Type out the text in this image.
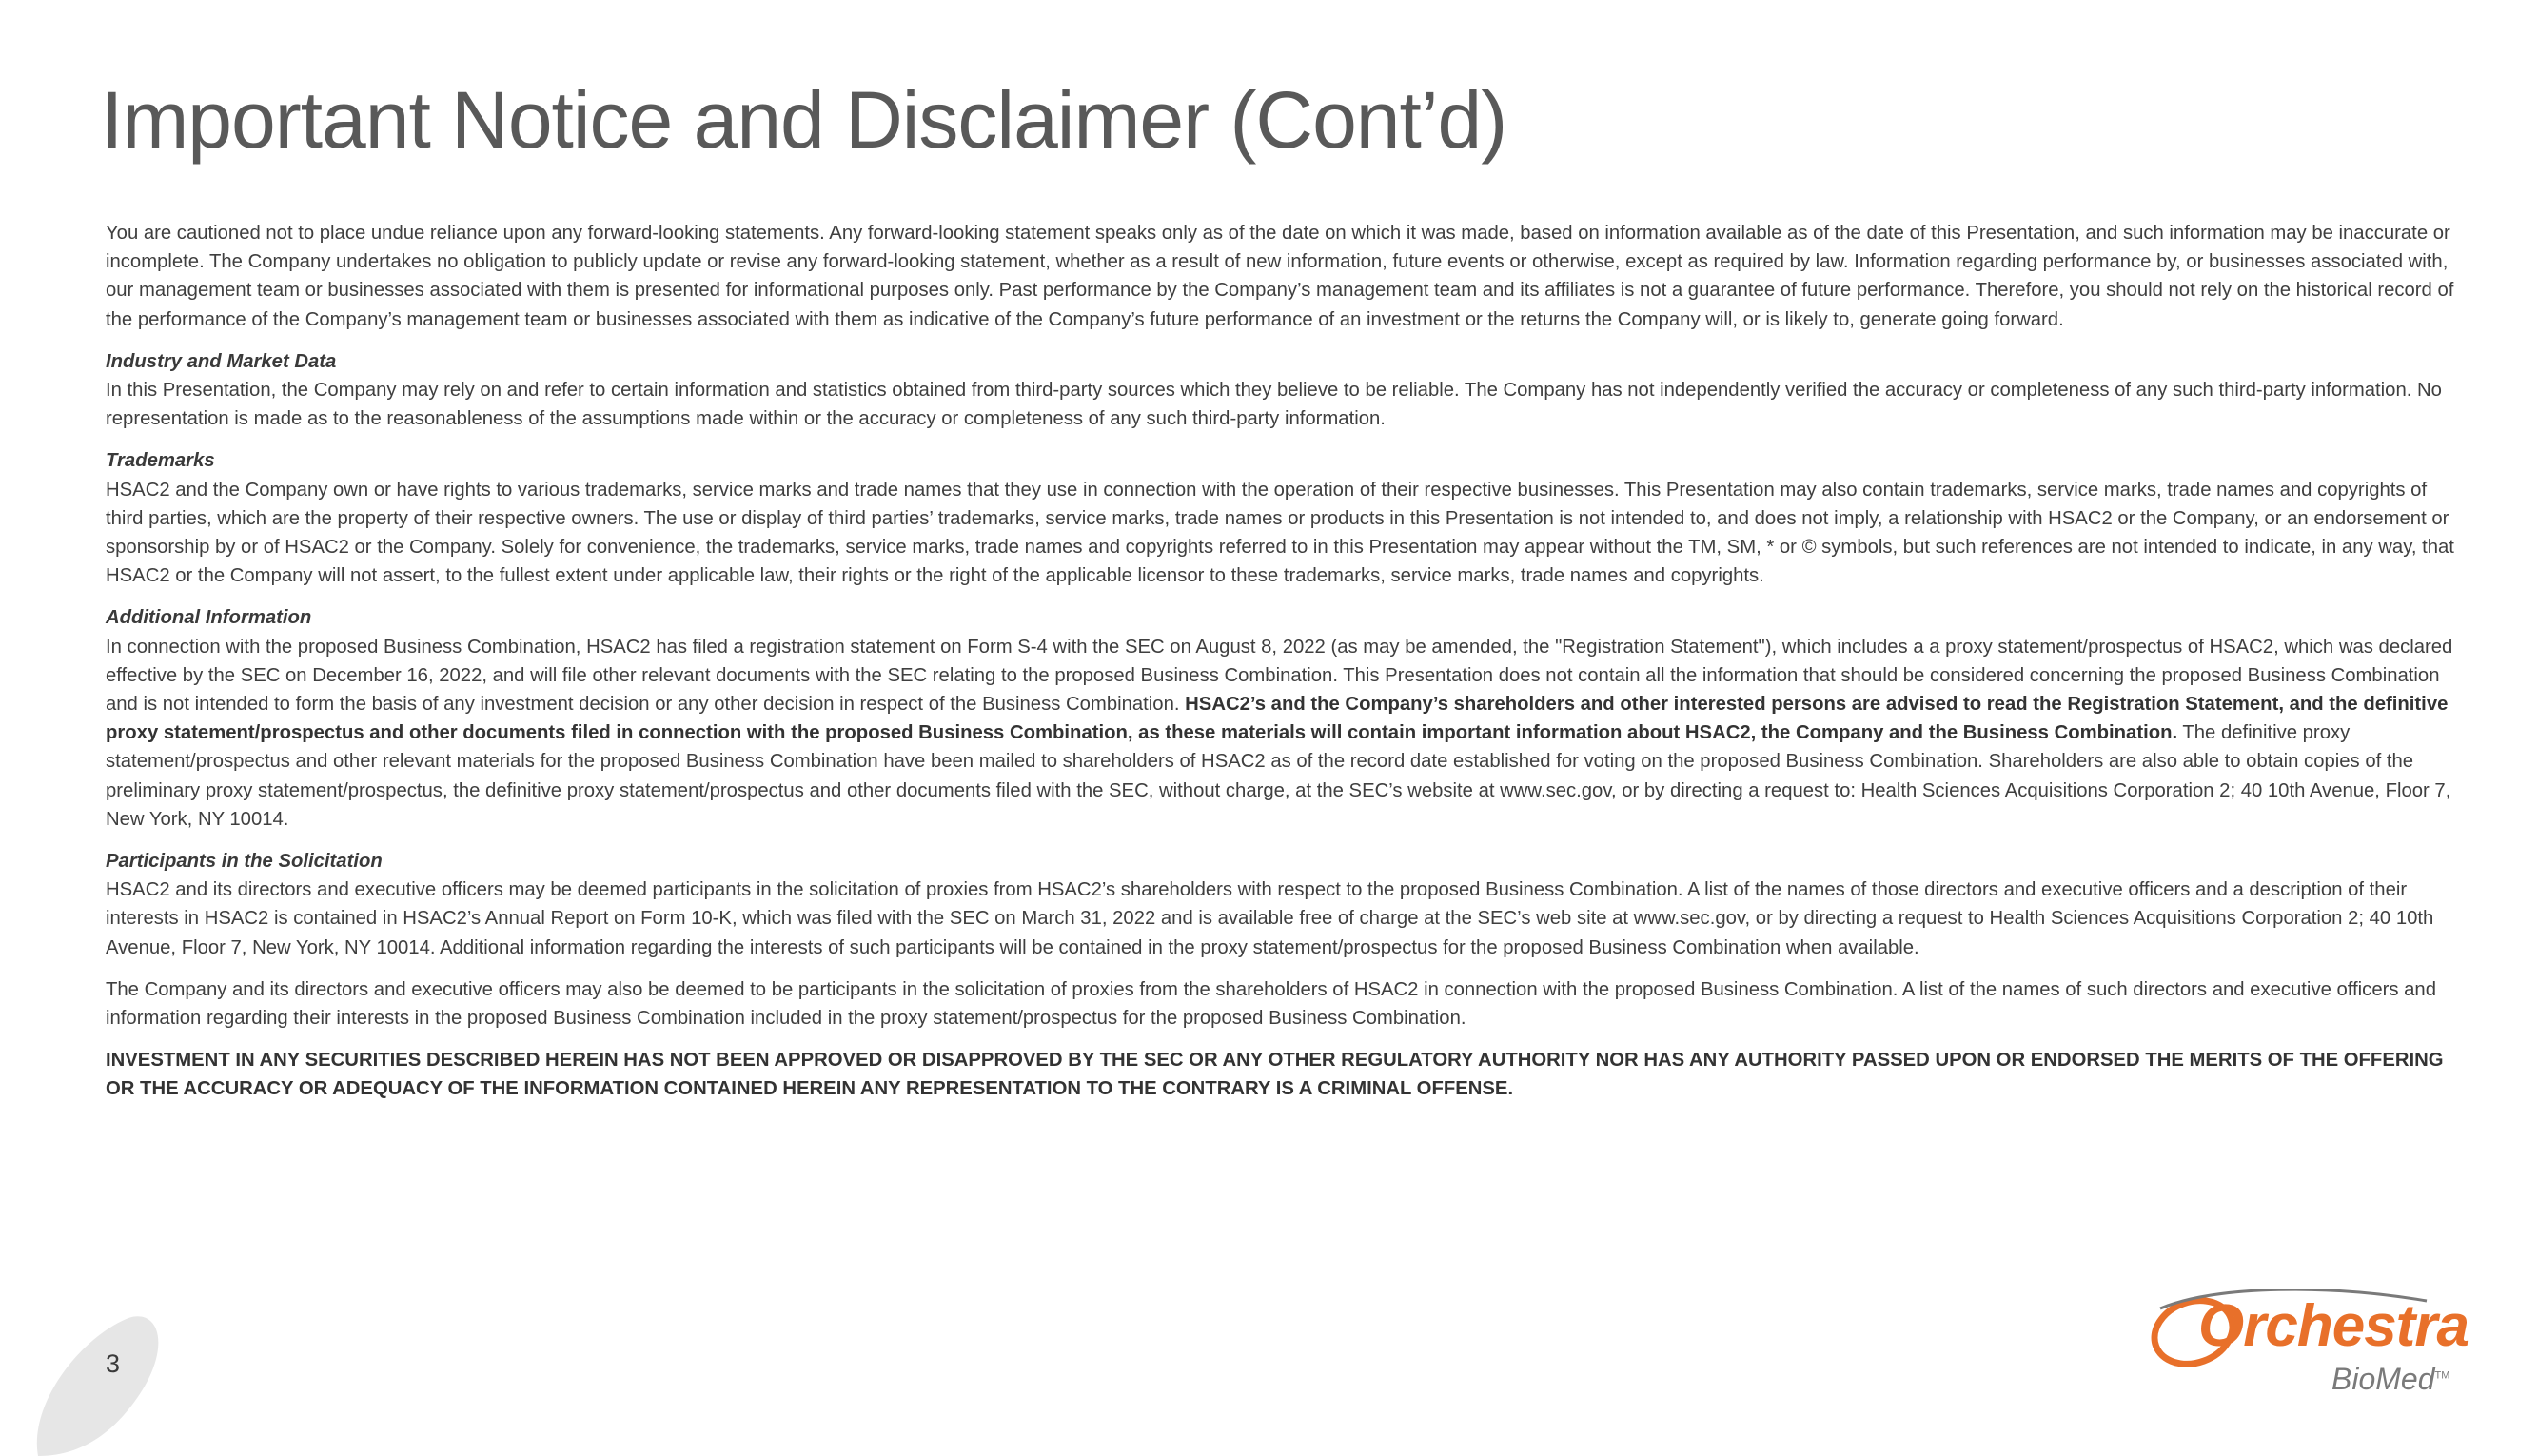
Important Notice and Disclaimer (Cont’d)

You are cautioned not to place undue reliance upon any forward-looking statements. Any forward-looking statement speaks only as of the date on which it was made, based on information available as of the date of this Presentation, and such information may be inaccurate or incomplete. The Company undertakes no obligation to publicly update or revise any forward-looking statement, whether as a result of new information, future events or otherwise, except as required by law. Information regarding performance by, or businesses associated with, our management team or businesses associated with them is presented for informational purposes only. Past performance by the Company’s management team and its affiliates is not a guarantee of future performance. Therefore, you should not rely on the historical record of the performance of the Company’s management team or businesses associated with them as indicative of the Company’s future performance of an investment or the returns the Company will, or is likely to, generate going forward.

Industry and Market Data
In this Presentation, the Company may rely on and refer to certain information and statistics obtained from third-party sources which they believe to be reliable. The Company has not independently verified the accuracy or completeness of any such third-party information. No representation is made as to the reasonableness of the assumptions made within or the accuracy or completeness of any such third-party information.

Trademarks
HSAC2 and the Company own or have rights to various trademarks, service marks and trade names that they use in connection with the operation of their respective businesses. This Presentation may also contain trademarks, service marks, trade names and copyrights of third parties, which are the property of their respective owners. The use or display of third parties’ trademarks, service marks, trade names or products in this Presentation is not intended to, and does not imply, a relationship with HSAC2 or the Company, or an endorsement or sponsorship by or of HSAC2 or the Company. Solely for convenience, the trademarks, service marks, trade names and copyrights referred to in this Presentation may appear without the TM, SM, * or © symbols, but such references are not intended to indicate, in any way, that HSAC2 or the Company will not assert, to the fullest extent under applicable law, their rights or the right of the applicable licensor to these trademarks, service marks, trade names and copyrights.

Additional Information
In connection with the proposed Business Combination, HSAC2 has filed a registration statement on Form S-4 with the SEC on August 8, 2022 (as may be amended, the "Registration Statement"), which includes a a proxy statement/prospectus of HSAC2, which was declared effective by the SEC on December 16, 2022, and will file other relevant documents with the SEC relating to the proposed Business Combination. This Presentation does not contain all the information that should be considered concerning the proposed Business Combination and is not intended to form the basis of any investment decision or any other decision in respect of the Business Combination. HSAC2’s and the Company’s shareholders and other interested persons are advised to read the Registration Statement, and the definitive proxy statement/prospectus and other documents filed in connection with the proposed Business Combination, as these materials will contain important information about HSAC2, the Company and the Business Combination. The definitive proxy statement/prospectus and other relevant materials for the proposed Business Combination have been mailed to shareholders of HSAC2 as of the record date established for voting on the proposed Business Combination. Shareholders are also able to obtain copies of the preliminary proxy statement/prospectus, the definitive proxy statement/prospectus and other documents filed with the SEC, without charge, at the SEC’s website at www.sec.gov, or by directing a request to: Health Sciences Acquisitions Corporation 2; 40 10th Avenue, Floor 7, New York, NY 10014.

Participants in the Solicitation
HSAC2 and its directors and executive officers may be deemed participants in the solicitation of proxies from HSAC2’s shareholders with respect to the proposed Business Combination. A list of the names of those directors and executive officers and a description of their interests in HSAC2 is contained in HSAC2’s Annual Report on Form 10-K, which was filed with the SEC on March 31, 2022 and is available free of charge at the SEC’s web site at www.sec.gov, or by directing a request to Health Sciences Acquisitions Corporation 2; 40 10th Avenue, Floor 7, New York, NY 10014. Additional information regarding the interests of such participants will be contained in the proxy statement/prospectus for the proposed Business Combination when available.

The Company and its directors and executive officers may also be deemed to be participants in the solicitation of proxies from the shareholders of HSAC2 in connection with the proposed Business Combination. A list of the names of such directors and executive officers and information regarding their interests in the proposed Business Combination included in the proxy statement/prospectus for the proposed Business Combination.

INVESTMENT IN ANY SECURITIES DESCRIBED HEREIN HAS NOT BEEN APPROVED OR DISAPPROVED BY THE SEC OR ANY OTHER REGULATORY AUTHORITY NOR HAS ANY AUTHORITY PASSED UPON OR ENDORSED THE MERITS OF THE OFFERING OR THE ACCURACY OR ADEQUACY OF THE INFORMATION CONTAINED HEREIN ANY REPRESENTATION TO THE CONTRARY IS A CRIMINAL OFFENSE.

3
Orchestra
BioMed™
